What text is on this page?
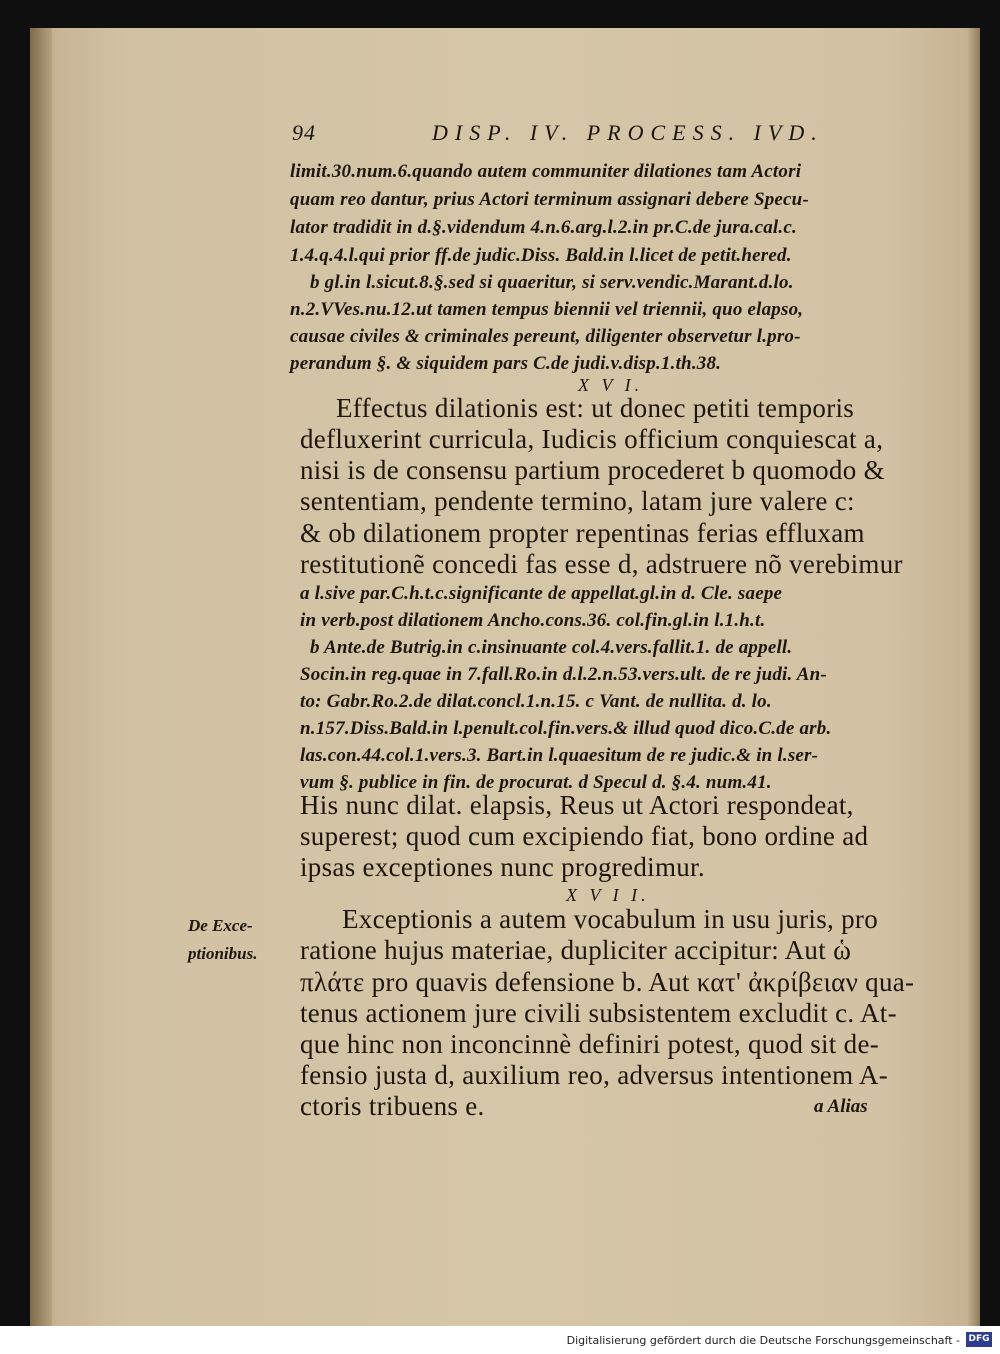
94	DISP. IV. PROCESS. IVD.
limit.30.num.6.quando autem communiter dilationes tam Actori
quam reo dantur, prius Actori terminum assignari debere Specu-
lator tradidit in d.§.videndum 4.n.6.arg.l.2.in pr.C.de jura.cal.c.
1.4.q.4.l.qui prior ff.de judic.Diss. Bald.in l.licet de petit.hered.
b gl.in l.sicut.8.§.sed si quaeritur, si serv.vendic.Marant.d.lo.
n.2.VVes.nu.12.ut tamen tempus biennii vel triennii, quo elapso,
causae civiles & criminales pereunt, diligenter observetur l.pro-
perandum §. & siquidem pars C.de judi.v.disp.1.th.38.
X V I.
Effectus dilationis est: ut donec petiti temporis
defluxerint curricula, Iudicis officium conquiescat a,
nisi is de consensu partium procederet b quomodo &
sententiam, pendente termino, latam jure valere c:
& ob dilationem propter repentinas ferias effluxam
restitutionẽ concedi fas esse d, adstruere nõ verebimur
a l.sive par.C.h.t.c.significante de appellat.gl.in d. Cle. saepe
in verb.post dilationem Ancho.cons.36. col.fin.gl.in l.1.h.t.
b Ante.de Butrig.in c.insinuante col.4.vers.fallit.1. de appell.
Socin.in reg.quae in 7.fall.Ro.in d.l.2.n.53.vers.ult. de re judi. An-
to: Gabr.Ro.2.de dilat.concl.1.n.15. c Vant. de nullita. d. lo.
n.157.Diss.Bald.in l.penult.col.fin.vers.& illud quod dico.C.de arb.
las.con.44.col.1.vers.3. Bart.in l.quaesitum de re judic.& in l.ser-
vum §. publice in fin. de procurat. d Specul d. §.4. num.41.
His nunc dilat. elapsis, Reus ut Actori respondeat,
superest; quod cum excipiendo fiat, bono ordine ad
ipsas exceptiones nunc progredimur.
X V I I.
De Exce-
ptionibus.
Exceptionis a autem vocabulum in usu juris, pro
ratione hujus materiae, dupliciter accipitur: Aut ὡ
πλάτε pro quavis defensione b. Aut κατ' ἀκρίβειαν qua-
tenus actionem jure civili subsistentem excludit c. At-
que hinc non inconcinnè definiri potest, quod sit de-
fensio justa d, auxilium reo, adversus intentionem A-
ctoris tribuens e.	a Alias
Digitalisierung gefördert durch die Deutsche Forschungsgemeinschaft - DFG
